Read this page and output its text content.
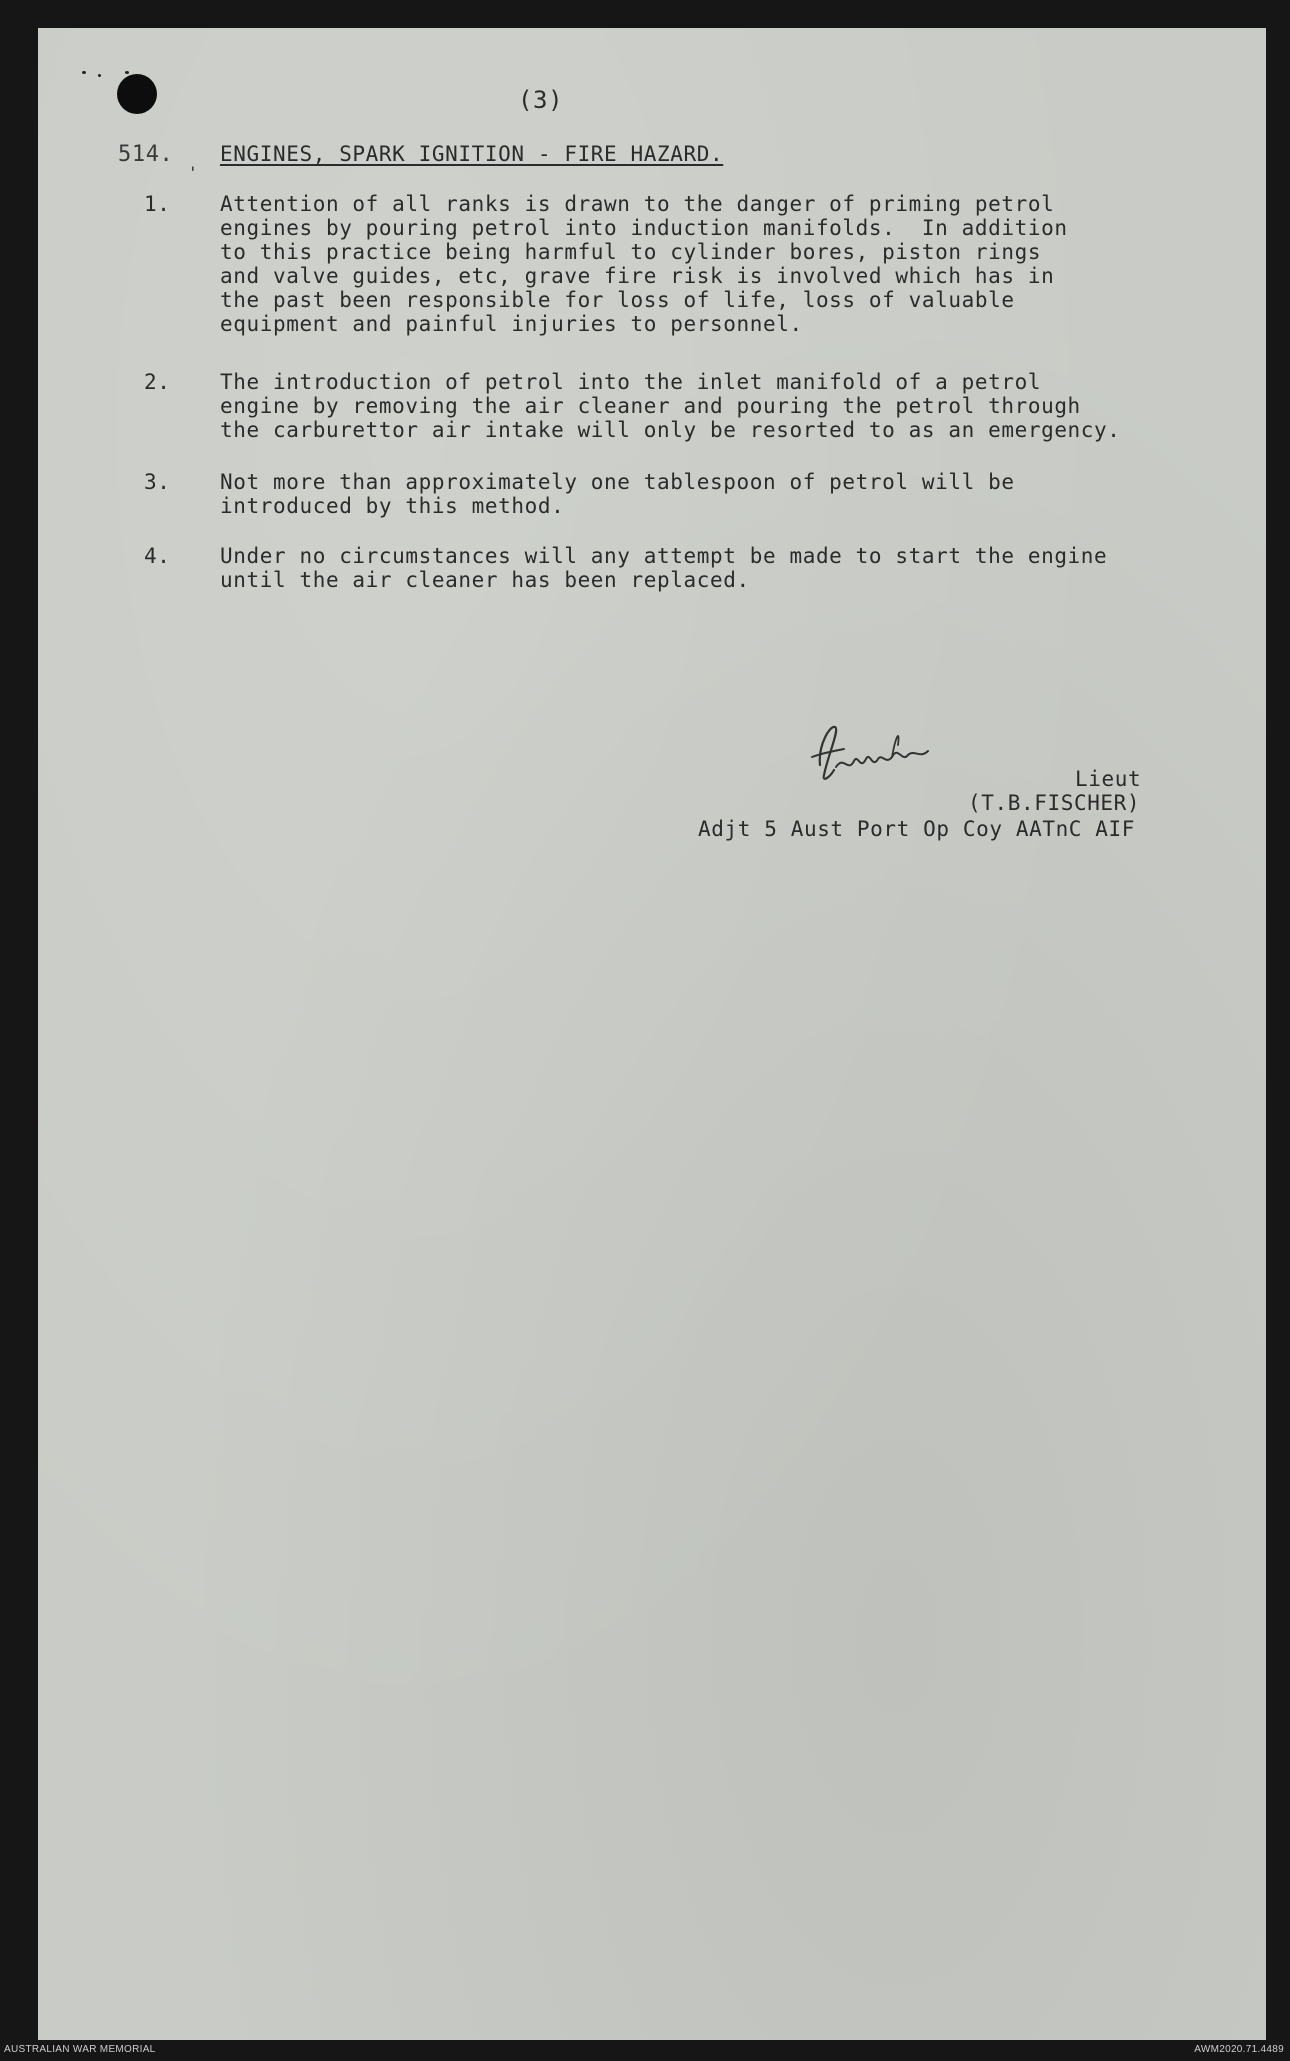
(3)

514. ENGINES, SPARK IGNITION - FIRE HAZARD.

'

1. Attention of all ranks is drawn to the danger of priming petrol

engines by pouring petrol into induction manifolds.  In addition

to this practice being harmful to cylinder bores, piston rings

and valve guides, etc, grave fire risk is involved which has in

the past been responsible for loss of life, loss of valuable

equipment and painful injuries to personnel.

2. The introduction of petrol into the inlet manifold of a petrol

engine by removing the air cleaner and pouring the petrol through

the carburettor air intake will only be resorted to as an emergency.

3. Not more than approximately one tablespoon of petrol will be

introduced by this method.

4. Under no circumstances will any attempt be made to start the engine

until the air cleaner has been replaced.

Lieut

(T.B.FISCHER)

Adjt 5 Aust Port Op Coy AATnC AIF

AUSTRALIAN WAR MEMORIAL	AWM2020.71.4489
